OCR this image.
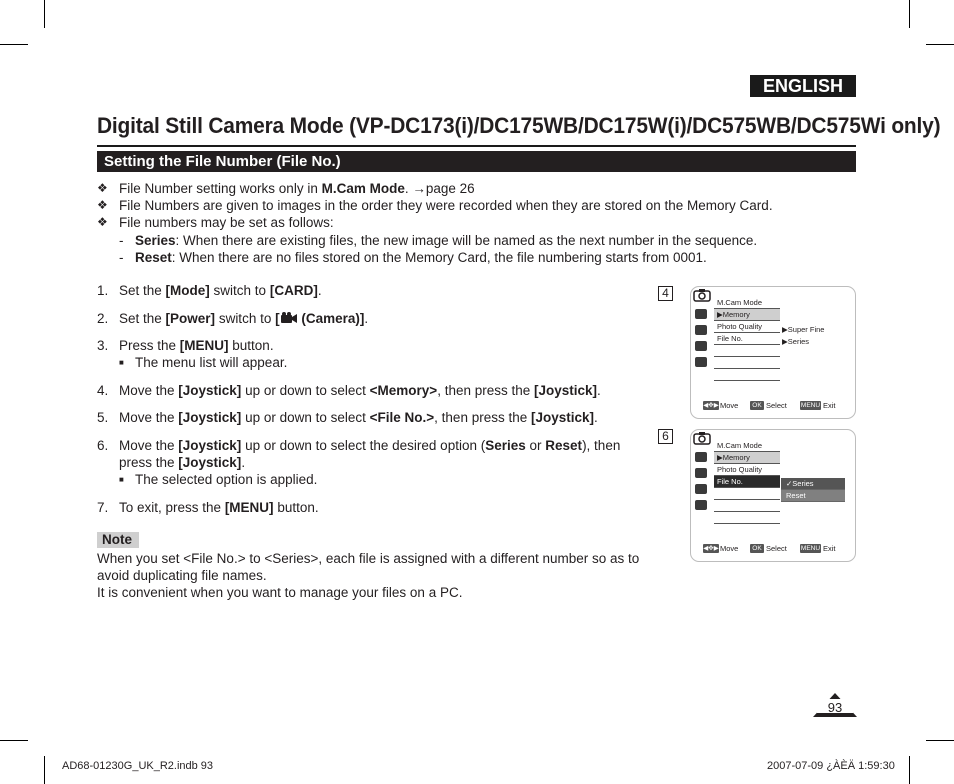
ENGLISH
Digital Still Camera Mode (VP-DC173(i)/DC175WB/DC175W(i)/DC575WB/DC575Wi only)
Setting the File Number (File No.)
❖ File Number setting works only in M.Cam Mode. →page 26
❖ File Numbers are given to images in the order they were recorded when they are stored on the Memory Card.
❖ File numbers may be set as follows:
- Series: When there are existing files, the new image will be named as the next number in the sequence.
- Reset: When there are no files stored on the Memory Card, the file numbering starts from 0001.
1. Set the [Mode] switch to [CARD].
2. Set the [Power] switch to [ (Camera)].
3. Press the [MENU] button.
■ The menu list will appear.
4. Move the [Joystick] up or down to select <Memory>, then press the [Joystick].
5. Move the [Joystick] up or down to select <File No.>, then press the [Joystick].
6. Move the [Joystick] up or down to select the desired option (Series or Reset), then press the [Joystick].
■ The selected option is applied.
7. To exit, press the [MENU] button.
Note
When you set <File No.> to <Series>, each file is assigned with a different number so as to avoid duplicating file names.
It is convenient when you want to manage your files on a PC.
4
M.Cam Mode
▶Memory
Photo Quality
File No.
▶Super Fine
▶Series
◀✥▶ Move	OK Select MENU Exit
6
M.Cam Mode
▶Memory
Photo Quality
File No.	✓Series
Reset
◀✥▶ Move	OK Select MENU Exit
93
AD68-01230G_UK_R2.indb 93	2007-07-09 ¿ÀÈÄ 1:59:30
